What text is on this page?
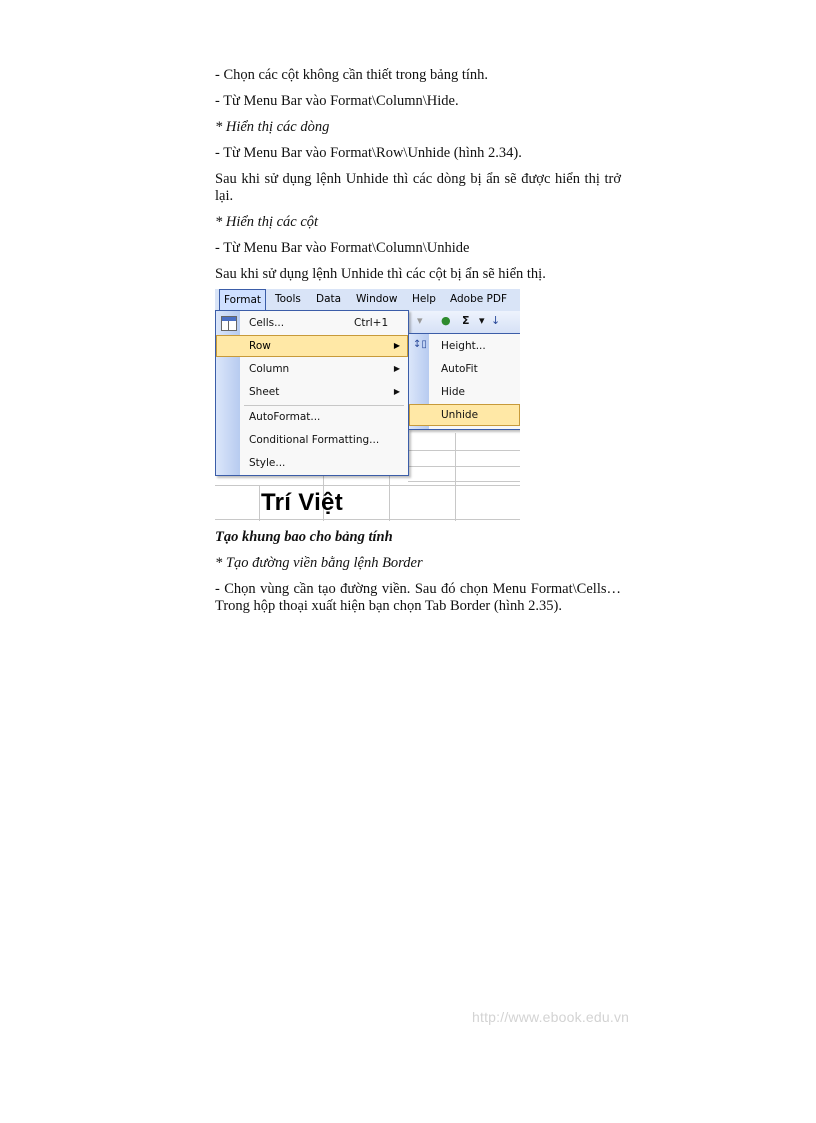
- Chọn các cột không cần thiết trong bảng tính.

- Từ Menu Bar vào Format\Column\Hide.

* Hiển thị các dòng

- Từ Menu Bar vào Format\Row\Unhide (hình 2.34).

Sau khi sử dụng lệnh Unhide thì các dòng bị ẩn sẽ được hiển thị trở lại.

* Hiển thị các cột

- Từ Menu Bar vào Format\Column\Unhide

Sau khi sử dụng lệnh Unhide thì các cột bị ẩn sẽ hiển thị.

Format	Tools Data Window Help Adobe PDF
▾ ● Σ ▾ ↓
Trí Việt
Cells...	Ctrl+1
Row	▶
Column	▶
Sheet	▶
AutoFormat...
Conditional Formatting...
Style...
↕▯ Height...
AutoFit
Hide
Unhide

Tạo khung bao cho bảng tính

* Tạo đường viền bằng lệnh Border

- Chọn vùng cần tạo đường viền. Sau đó chọn Menu Format\Cells…Trong hộp thoại xuất hiện bạn chọn Tab Border (hình 2.35).

http://www.ebook.edu.vn
